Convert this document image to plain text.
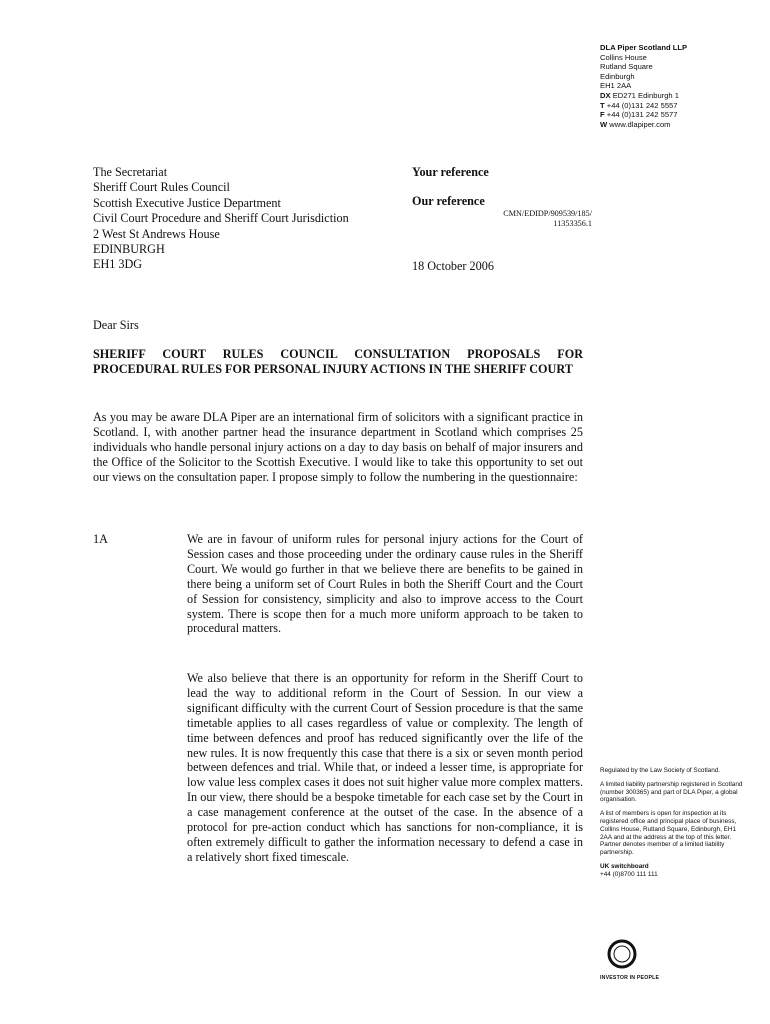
DLA Piper Scotland LLP
Collins House
Rutland Square
Edinburgh
EH1 2AA
DX ED271 Edinburgh 1
T +44 (0)131 242 5557
F +44 (0)131 242 5577
W www.dlapiper.com
The Secretariat
Sheriff Court Rules Council
Scottish Executive Justice Department
Civil Court Procedure and Sheriff Court Jurisdiction
2 West St Andrews House
EDINBURGH
EH1 3DG
Your reference
Our reference
CMN/EDIDP/909539/185/
11353356.1
18 October 2006
Dear Sirs
SHERIFF COURT RULES COUNCIL CONSULTATION PROPOSALS FOR PROCEDURAL RULES FOR PERSONAL INJURY ACTIONS IN THE SHERIFF COURT
As you may be aware DLA Piper are an international firm of solicitors with a significant practice in Scotland. I, with another partner head the insurance department in Scotland which comprises 25 individuals who handle personal injury actions on a day to day basis on behalf of major insurers and the Office of the Solicitor to the Scottish Executive. I would like to take this opportunity to set out our views on the consultation paper. I propose simply to follow the numbering in the questionnaire:
1A	We are in favour of uniform rules for personal injury actions for the Court of Session cases and those proceeding under the ordinary cause rules in the Sheriff Court. We would go further in that we believe there are benefits to be gained in there being a uniform set of Court Rules in both the Sheriff Court and the Court of Session for consistency, simplicity and also to improve access to the Court system. There is scope then for a much more uniform approach to be taken to procedural matters.
We also believe that there is an opportunity for reform in the Sheriff Court to lead the way to additional reform in the Court of Session. In our view a significant difficulty with the current Court of Session procedure is that the same timetable applies to all cases regardless of value or complexity. The length of time between defences and proof has reduced significantly over the life of the new rules. It is now frequently this case that there is a six or seven month period between defences and trial. While that, or indeed a lesser time, is appropriate for low value less complex cases it does not suit higher value more complex matters. In our view, there should be a bespoke timetable for each case set by the Court in a case management conference at the outset of the case. In the absence of a protocol for pre-action conduct which has sanctions for non-compliance, it is often extremely difficult to gather the information necessary to defend a case in a relatively short fixed timescale.

Regulated by the Law Society of Scotland.

A limited liability partnership registered in Scotland (number 300365) and part of DLA Piper, a global organisation.

A list of members is open for inspection at its registered office and principal place of business, Collins House, Rutland Square, Edinburgh, EH1 2AA and at the address at the top of this letter. Partner denotes member of a limited liability partnership.

UK switchboard
+44 (0)8700 111 111

INVESTOR IN PEOPLE
